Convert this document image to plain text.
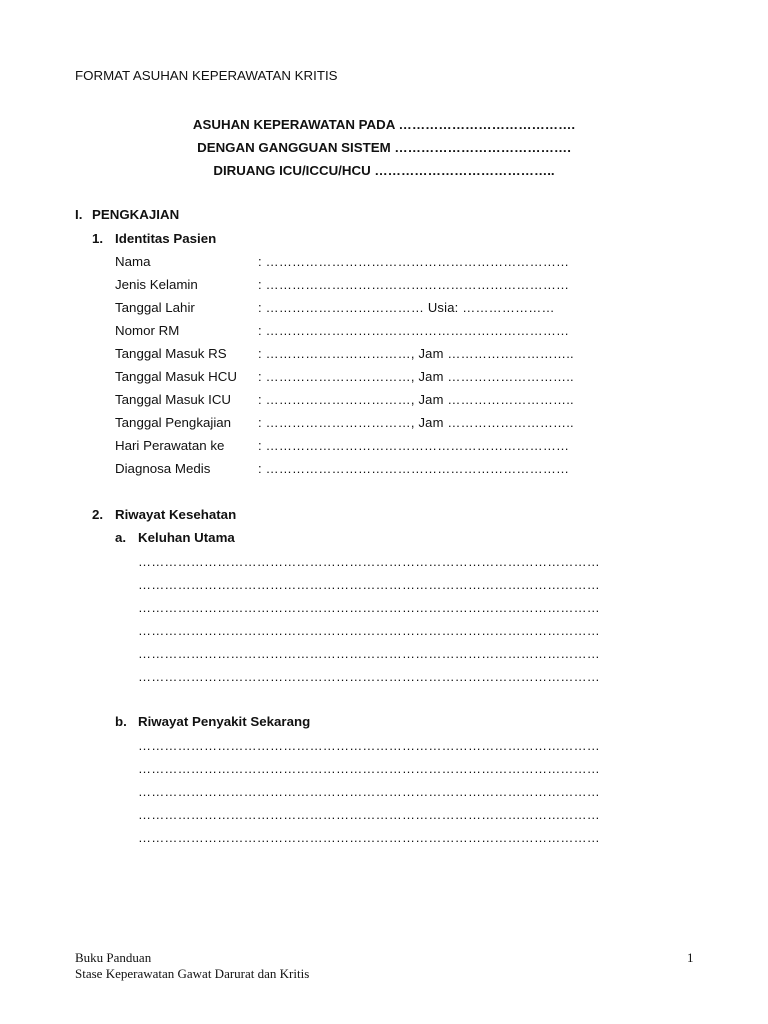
FORMAT ASUHAN KEPERAWATAN KRITIS
ASUHAN KEPERAWATAN PADA ………………………………….
DENGAN GANGGUAN SISTEM ………………………………….
DIRUANG ICU/ICCU/HCU …………………………………..
I. PENGKAJIAN
1. Identitas Pasien
Nama	: ……………………………………………………………
Jenis Kelamin	: ……………………………………………………………
Tanggal Lahir	: ……………………………… Usia: …………………
Nomor RM	: ……………………………………………………………
Tanggal Masuk RS : ……………………………, Jam ………………………..
Tanggal Masuk HCU : ……………………………, Jam ………………………..
Tanggal Masuk ICU : ……………………………, Jam ………………………..
Tanggal Pengkajian : ……………………………, Jam ………………………..
Hari Perawatan ke	: ……………………………………………………………
Diagnosa Medis	: ……………………………………………………………
2. Riwayat Kesehatan
a. Keluhan Utama
……………………………………………………………………………………………
……………………………………………………………………………………………
……………………………………………………………………………………………
……………………………………………………………………………………………
……………………………………………………………………………………………
……………………………………………………………………………………………
b. Riwayat Penyakit Sekarang
……………………………………………………………………………………………
……………………………………………………………………………………………
……………………………………………………………………………………………
……………………………………………………………………………………………
……………………………………………………………………………………………
Buku Panduan
Stase Keperawatan Gawat Darurat dan Kritis
1
